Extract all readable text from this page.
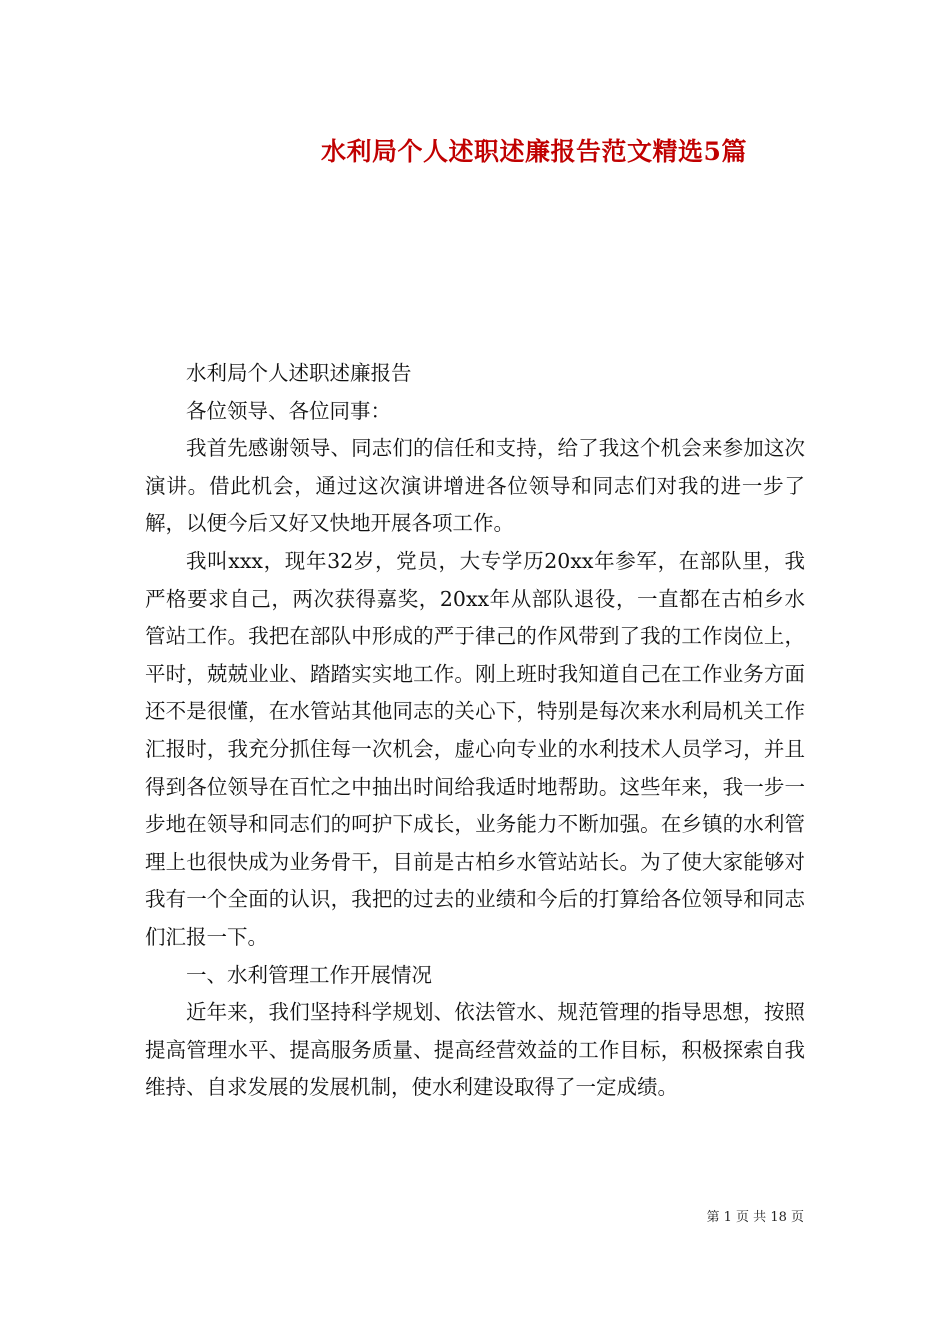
水利局个人述职述廉报告范文精选5篇

水利局个人述职述廉报告

各位领导、各位同事：

我首先感谢领导、同志们的信任和支持，给了我这个机会来参加这次演讲。借此机会，通过这次演讲增进各位领导和同志们对我的进一步了解，以便今后又好又快地开展各项工作。

我叫xxx，现年32岁，党员，大专学历20xx年参军，在部队里，我严格要求自己，两次获得嘉奖，20xx年从部队退役，一直都在古柏乡水管站工作。我把在部队中形成的严于律己的作风带到了我的工作岗位上，平时，兢兢业业、踏踏实实地工作。刚上班时我知道自己在工作业务方面还不是很懂，在水管站其他同志的关心下，特别是每次来水利局机关工作汇报时，我充分抓住每一次机会，虚心向专业的水利技术人员学习，并且得到各位领导在百忙之中抽出时间给我适时地帮助。这些年来，我一步一步地在领导和同志们的呵护下成长，业务能力不断加强。在乡镇的水利管理上也很快成为业务骨干，目前是古柏乡水管站站长。为了使大家能够对我有一个全面的认识，我把的过去的业绩和今后的打算给各位领导和同志们汇报一下。

一、水利管理工作开展情况

近年来，我们坚持科学规划、依法管水、规范管理的指导思想，按照提高管理水平、提高服务质量、提高经营效益的工作目标，积极探索自我维持、自求发展的发展机制，使水利建设取得了一定成绩。

第 1 页 共 18 页
